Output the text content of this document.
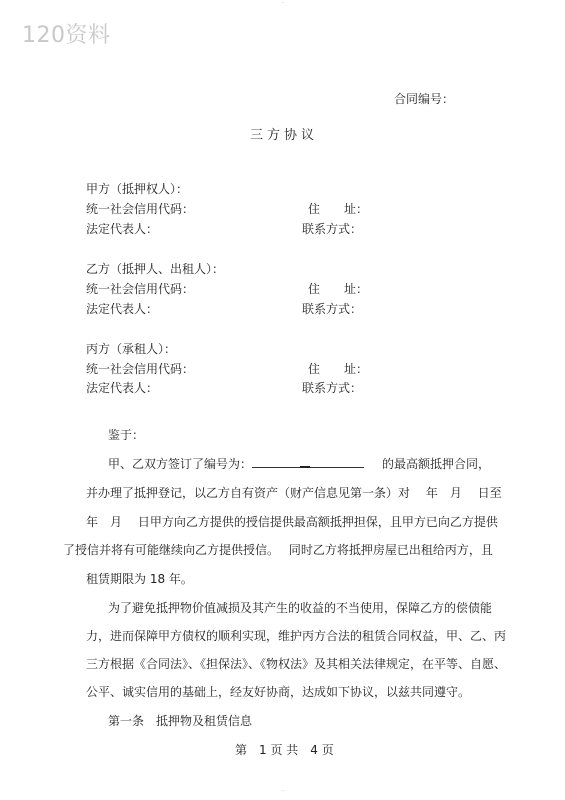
120资料
·
合同编号：
三方协议
甲方（抵押权人）：
统一社会信用代码：	住　　址：
法定代表人：	联系方式：
乙方（抵押人、出租人）：
统一社会信用代码：	住　　址：
法定代表人：	联系方式：
丙方（承租人）：
统一社会信用代码：	住　　址：
法定代表人：	联系方式：
鉴于：
甲、乙双方签订了编号为：	的最高额抵押合同，
并办理了抵押登记，以乙方自有资产（财产信息见第一条）对　 年　月　 日至
年　月　 日甲方向乙方提供的授信提供最高额抵押担保，且甲方已向乙方提供
了授信并将有可能继续向乙方提供授信。　 同时乙方将抵押房屋已出租给丙方，且
租赁期限为 18 年。
为了避免抵押物价值减损及其产生的收益的不当使用，保障乙方的偿债能
力，进而保障甲方债权的顺利实现，维护丙方合法的租赁合同权益，甲、乙、丙
三方根据《合同法》、《担保法》、《物权法》及其相关法律规定，在平等、自愿、
公平、诚实信用的基础上，经友好协商，达成如下协议，以兹共同遵守。
第一条　抵押物及租赁信息
第　1 页 共　4 页
·
